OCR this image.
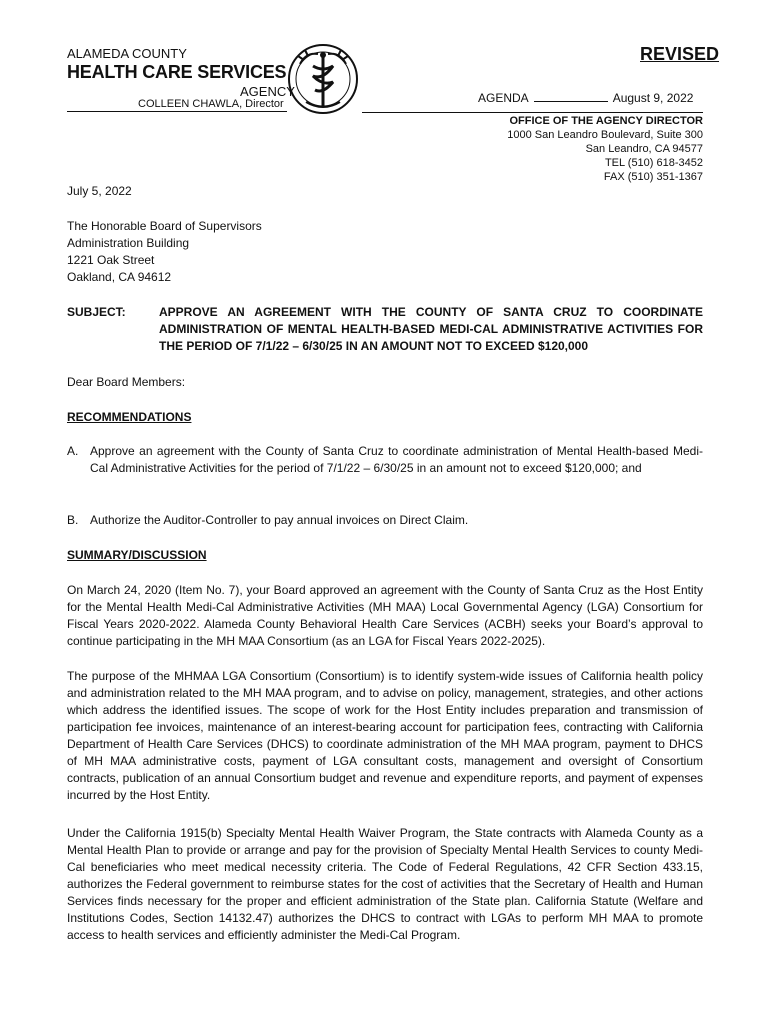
ALAMEDA COUNTY
HEALTH CARE SERVICES
AGENCY
COLLEEN CHAWLA, Director
REVISED
AGENDA	August 9, 2022
OFFICE OF THE AGENCY DIRECTOR
1000 San Leandro Boulevard, Suite 300
San Leandro, CA 94577
TEL (510) 618-3452
FAX (510) 351-1367
July 5, 2022
The Honorable Board of Supervisors
Administration Building
1221 Oak Street
Oakland, CA 94612
SUBJECT:	APPROVE AN AGREEMENT WITH THE COUNTY OF SANTA CRUZ TO COORDINATE ADMINISTRATION OF MENTAL HEALTH-BASED MEDI-CAL ADMINISTRATIVE ACTIVITIES FOR THE PERIOD OF 7/1/22 – 6/30/25 IN AN AMOUNT NOT TO EXCEED $120,000
Dear Board Members:
RECOMMENDATIONS
A. Approve an agreement with the County of Santa Cruz to coordinate administration of Mental Health-based Medi-Cal Administrative Activities for the period of 7/1/22 – 6/30/25 in an amount not to exceed $120,000; and
B. Authorize the Auditor-Controller to pay annual invoices on Direct Claim.
SUMMARY/DISCUSSION
On March 24, 2020 (Item No. 7), your Board approved an agreement with the County of Santa Cruz as the Host Entity for the Mental Health Medi-Cal Administrative Activities (MH MAA) Local Governmental Agency (LGA) Consortium for Fiscal Years 2020-2022. Alameda County Behavioral Health Care Services (ACBH) seeks your Board’s approval to continue participating in the MH MAA Consortium (as an LGA for Fiscal Years 2022-2025).
The purpose of the MHMAA LGA Consortium (Consortium) is to identify system-wide issues of California health policy and administration related to the MH MAA program, and to advise on policy, management, strategies, and other actions which address the identified issues. The scope of work for the Host Entity includes preparation and transmission of participation fee invoices, maintenance of an interest-bearing account for participation fees, contracting with California Department of Health Care Services (DHCS) to coordinate administration of the MH MAA program, payment to DHCS of MH MAA administrative costs, payment of LGA consultant costs, management and oversight of Consortium contracts, publication of an annual Consortium budget and revenue and expenditure reports, and payment of expenses incurred by the Host Entity.
Under the California 1915(b) Specialty Mental Health Waiver Program, the State contracts with Alameda County as a Mental Health Plan to provide or arrange and pay for the provision of Specialty Mental Health Services to county Medi-Cal beneficiaries who meet medical necessity criteria. The Code of Federal Regulations, 42 CFR Section 433.15, authorizes the Federal government to reimburse states for the cost of activities that the Secretary of Health and Human Services finds necessary for the proper and efficient administration of the State plan. California Statute (Welfare and Institutions Codes, Section 14132.47) authorizes the DHCS to contract with LGAs to perform MH MAA to promote access to health services and efficiently administer the Medi-Cal Program.
